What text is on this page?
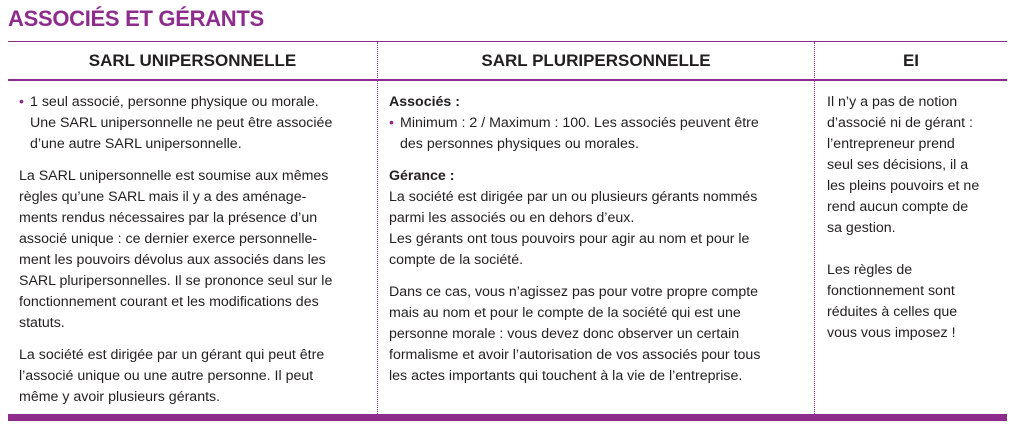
ASSOCIÉS ET GÉRANTS
SARL UNIPERSONNELLE	SARL PLURIPERSONNELLE	EI
• 1 seul associé, personne physique ou morale.
Une SARL unipersonnelle ne peut être associée
d’une autre SARL unipersonnelle.
La SARL unipersonnelle est soumise aux mêmes
règles qu’une SARL mais il y a des aménage-
ments rendus nécessaires par la présence d’un
associé unique : ce dernier exerce personnelle-
ment les pouvoirs dévolus aux associés dans les
SARL pluripersonnelles. Il se prononce seul sur le
fonctionnement courant et les modifications des
statuts.
La société est dirigée par un gérant qui peut être
l’associé unique ou une autre personne. Il peut
même y avoir plusieurs gérants.
Associés :
• Minimum : 2 / Maximum : 100. Les associés peuvent être
des personnes physiques ou morales.
Gérance :
La société est dirigée par un ou plusieurs gérants nommés
parmi les associés ou en dehors d’eux.
Les gérants ont tous pouvoirs pour agir au nom et pour le
compte de la société.
Dans ce cas, vous n’agissez pas pour votre propre compte
mais au nom et pour le compte de la société qui est une
personne morale : vous devez donc observer un certain
formalisme et avoir l’autorisation de vos associés pour tous
les actes importants qui touchent à la vie de l’entreprise.
Il n’y a pas de notion
d’associé ni de gérant :
l’entrepreneur prend
seul ses décisions, il a
les pleins pouvoirs et ne
rend aucun compte de
sa gestion.
Les règles de
fonctionnement sont
réduites à celles que
vous vous imposez !
